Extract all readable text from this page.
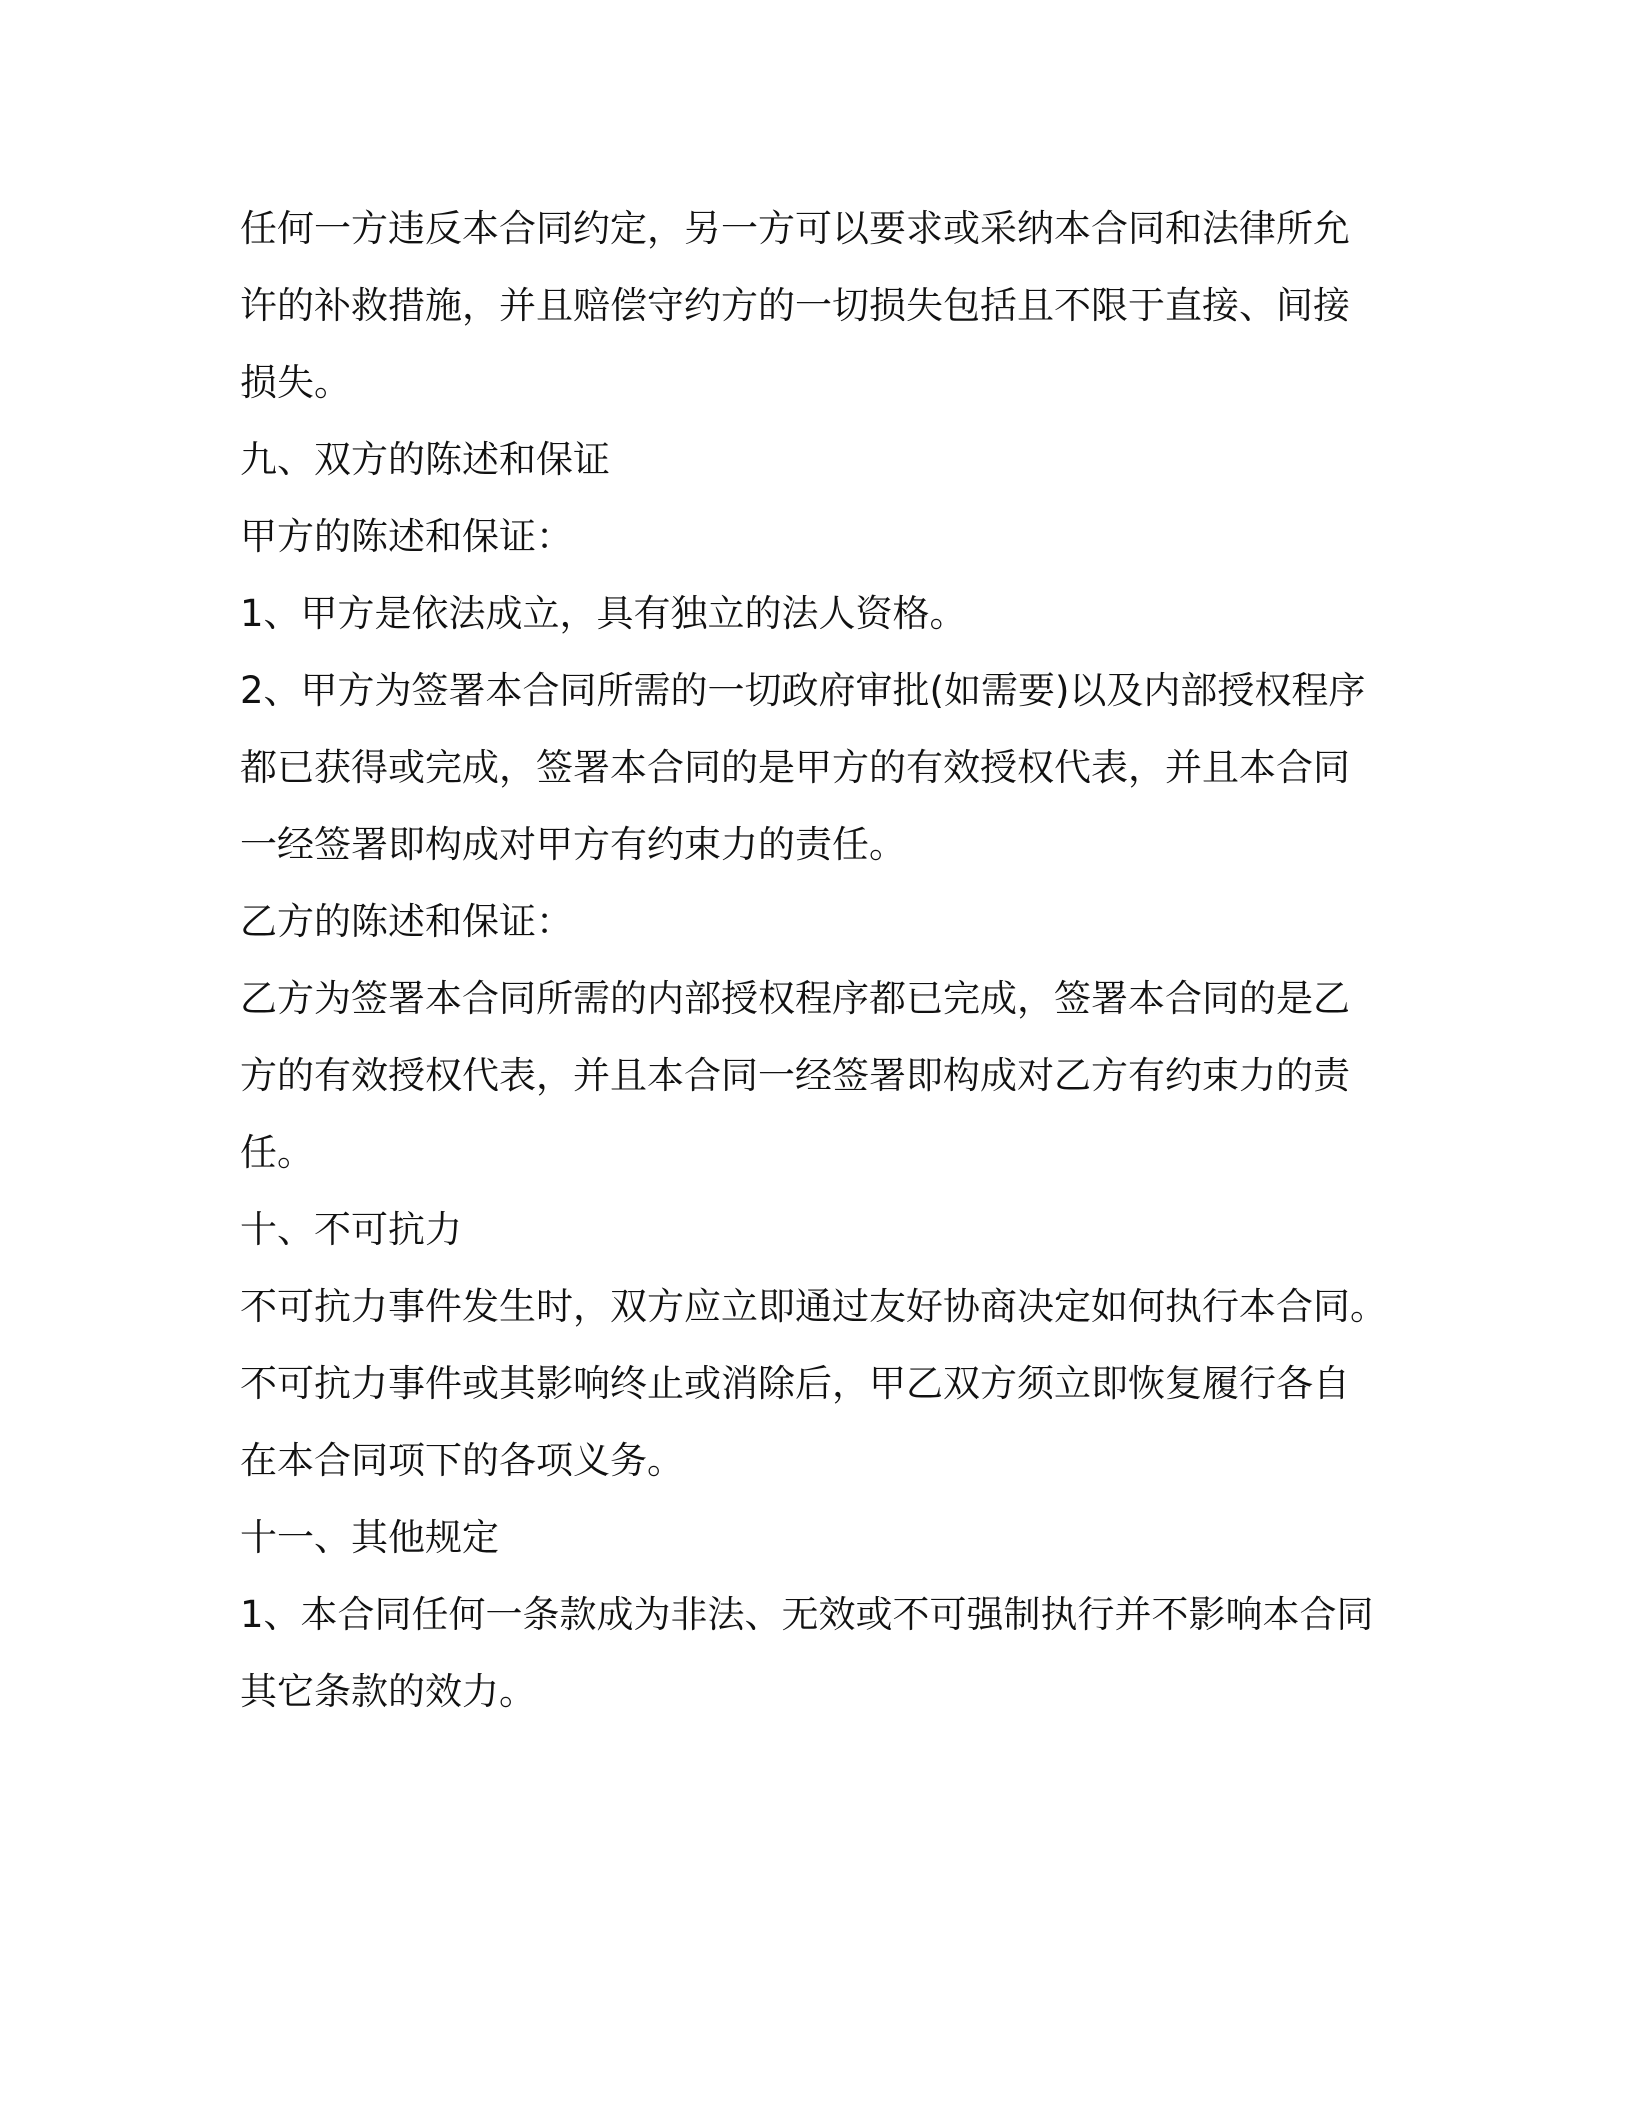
任何一方违反本合同约定，另一方可以要求或采纳本合同和法律所允
许的补救措施，并且赔偿守约方的一切损失包括且不限于直接、间接
损失。

九、双方的陈述和保证

甲方的陈述和保证：

1、甲方是依法成立，具有独立的法人资格。

2、甲方为签署本合同所需的一切政府审批(如需要)以及内部授权程序
都已获得或完成，签署本合同的是甲方的有效授权代表，并且本合同
一经签署即构成对甲方有约束力的责任。

乙方的陈述和保证：

乙方为签署本合同所需的内部授权程序都已完成，签署本合同的是乙
方的有效授权代表，并且本合同一经签署即构成对乙方有约束力的责
任。

十、不可抗力

不可抗力事件发生时，双方应立即通过友好协商决定如何执行本合同。

不可抗力事件或其影响终止或消除后，甲乙双方须立即恢复履行各自
在本合同项下的各项义务。

十一、其他规定

1、本合同任何一条款成为非法、无效或不可强制执行并不影响本合同
其它条款的效力。
